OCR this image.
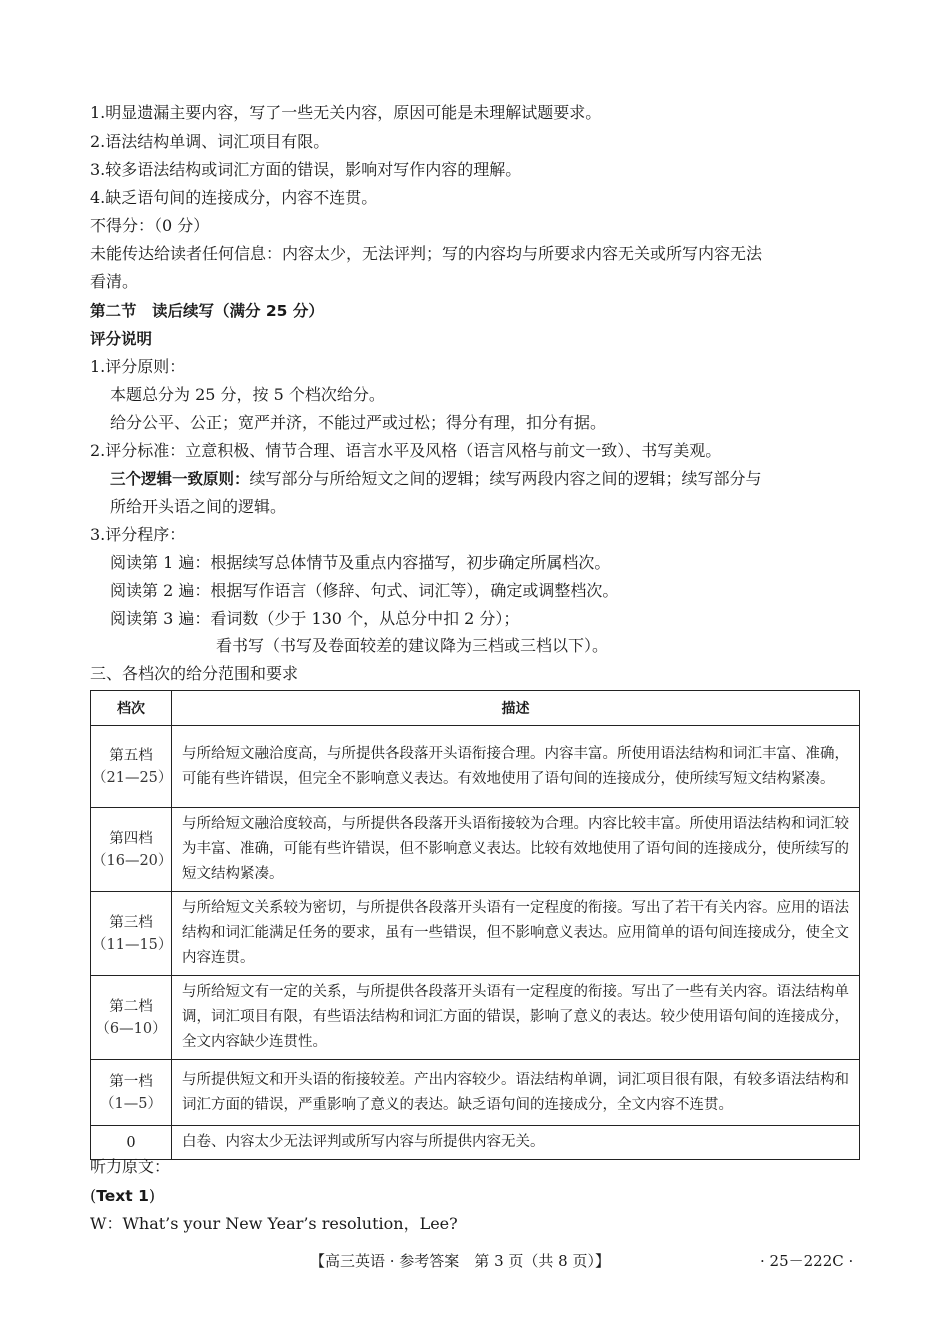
1.明显遗漏主要内容，写了一些无关内容，原因可能是未理解试题要求。
2.语法结构单调、词汇项目有限。
3.较多语法结构或词汇方面的错误，影响对写作内容的理解。
4.缺乏语句间的连接成分，内容不连贯。
不得分：（0 分）
未能传达给读者任何信息：内容太少，无法评判；写的内容均与所要求内容无关或所写内容无法
看清。
第二节　读后续写（满分 25 分）
评分说明
1.评分原则：
本题总分为 25 分，按 5 个档次给分。
给分公平、公正；宽严并济，不能过严或过松；得分有理，扣分有据。
2.评分标准：立意积极、情节合理、语言水平及风格（语言风格与前文一致）、书写美观。
三个逻辑一致原则：续写部分与所给短文之间的逻辑；续写两段内容之间的逻辑；续写部分与
所给开头语之间的逻辑。
3.评分程序：
阅读第 1 遍：根据续写总体情节及重点内容描写，初步确定所属档次。
阅读第 2 遍：根据写作语言（修辞、句式、词汇等），确定或调整档次。
阅读第 3 遍：看词数（少于 130 个，从总分中扣 2 分）；
看书写（书写及卷面较差的建议降为三档或三档以下）。
三、各档次的给分范围和要求
档次	描述
第五档
（21—25）	与所给短文融洽度高，与所提供各段落开头语衔接合理。内容丰富。所使用语法结构和词汇丰富、准确，可能有些许错误，但完全不影响意义表达。有效地使用了语句间的连接成分，使所续写短文结构紧凑。
第四档
（16—20）	与所给短文融洽度较高，与所提供各段落开头语衔接较为合理。内容比较丰富。所使用语法结构和词汇较为丰富、准确，可能有些许错误，但不影响意义表达。比较有效地使用了语句间的连接成分，使所续写的短文结构紧凑。
第三档
（11—15）	与所给短文关系较为密切，与所提供各段落开头语有一定程度的衔接。写出了若干有关内容。应用的语法结构和词汇能满足任务的要求，虽有一些错误，但不影响意义表达。应用简单的语句间连接成分，使全文内容连贯。
第二档
（6—10）	与所给短文有一定的关系，与所提供各段落开头语有一定程度的衔接。写出了一些有关内容。语法结构单调，词汇项目有限，有些语法结构和词汇方面的错误，影响了意义的表达。较少使用语句间的连接成分，全文内容缺少连贯性。
第一档
（1—5）	与所提供短文和开头语的衔接较差。产出内容较少。语法结构单调，词汇项目很有限，有较多语法结构和词汇方面的错误，严重影响了意义的表达。缺乏语句间的连接成分，全文内容不连贯。
0	白卷、内容太少无法评判或所写内容与所提供内容无关。
听力原文：
(Text 1)
W：What’s your New Year’s resolution，Lee?
【高三英语 · 参考答案　第 3 页（共 8 页）】	· 25－222C ·
